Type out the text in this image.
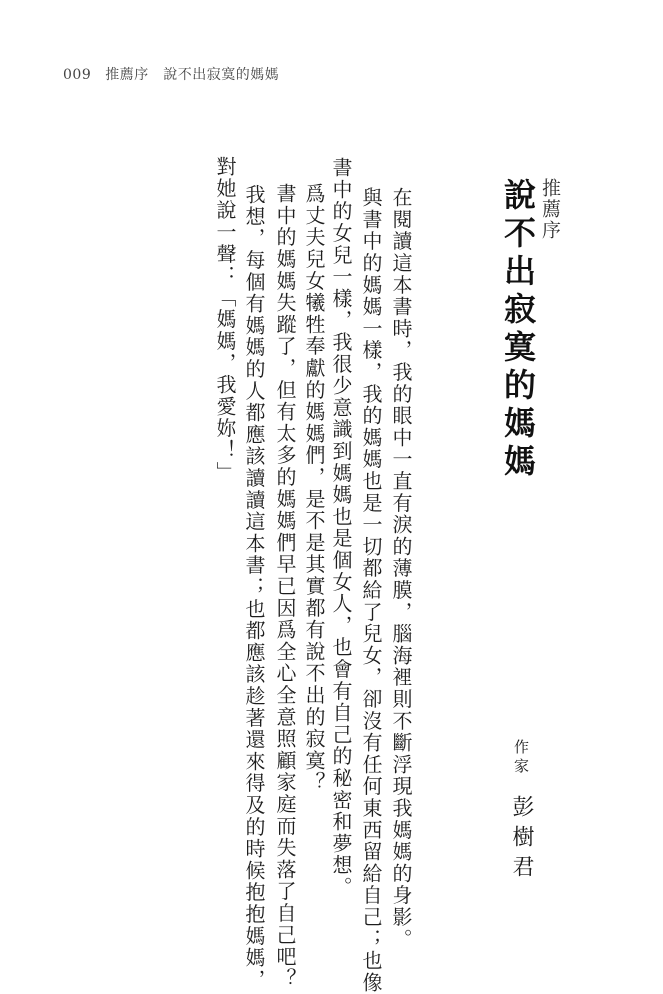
009 推薦序　說不出寂寞的媽媽
推薦序
說不出寂寞的媽媽
作家
彭樹君
在閱讀這本書時，我的眼中一直有淚的薄膜，腦海裡則不斷浮現我媽媽的身影。
與書中的媽媽一樣，我的媽媽也是一切都給了兒女，卻沒有任何東西留給自己；也像
書中的女兒一樣，我很少意識到媽媽也是個女人，也會有自己的秘密和夢想。
爲丈夫兒女犧牲奉獻的媽媽們，是不是其實都有說不出的寂寞？
書中的媽媽失蹤了，但有太多的媽媽們早已因爲全心全意照顧家庭而失落了自己吧？
我想，每個有媽媽的人都應該讀讀這本書；也都應該趁著還來得及的時候抱抱媽媽，
對她說一聲：「媽媽，我愛妳！」
